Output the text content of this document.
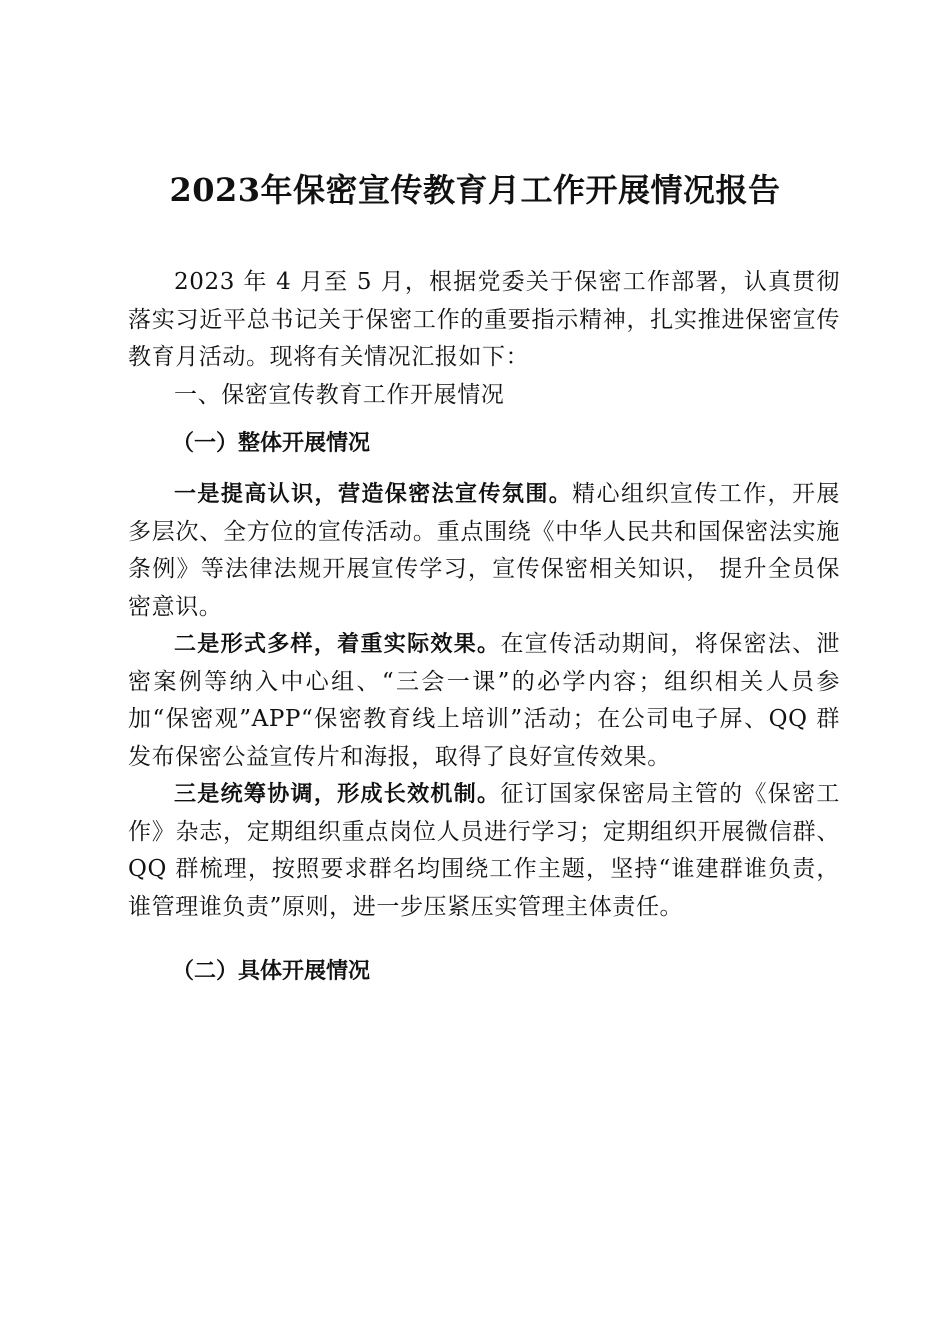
2023年保密宣传教育月工作开展情况报告

2023 年 4 月至 5 月，根据党委关于保密工作部署，认真贯彻落实习近平总书记关于保密工作的重要指示精神，扎实推进保密宣传教育月活动。现将有关情况汇报如下：

一、保密宣传教育工作开展情况

（一）整体开展情况

一是提高认识，营造保密法宣传氛围。精心组织宣传工作，开展多层次、全方位的宣传活动。重点围绕《中华人民共和国保密法实施条例》等法律法规开展宣传学习，宣传保密相关知识， 提升全员保密意识。

二是形式多样，着重实际效果。在宣传活动期间，将保密法、泄密案例等纳入中心组、“三会一课”的必学内容；组织相关人员参加“保密观”APP“保密教育线上培训”活动；在公司电子屏、QQ 群发布保密公益宣传片和海报，取得了良好宣传效果。

三是统筹协调，形成长效机制。征订国家保密局主管的《保密工作》杂志，定期组织重点岗位人员进行学习；定期组织开展微信群、QQ 群梳理，按照要求群名均围绕工作主题，坚持“谁建群谁负责，谁管理谁负责”原则，进一步压紧压实管理主体责任。

（二）具体开展情况
